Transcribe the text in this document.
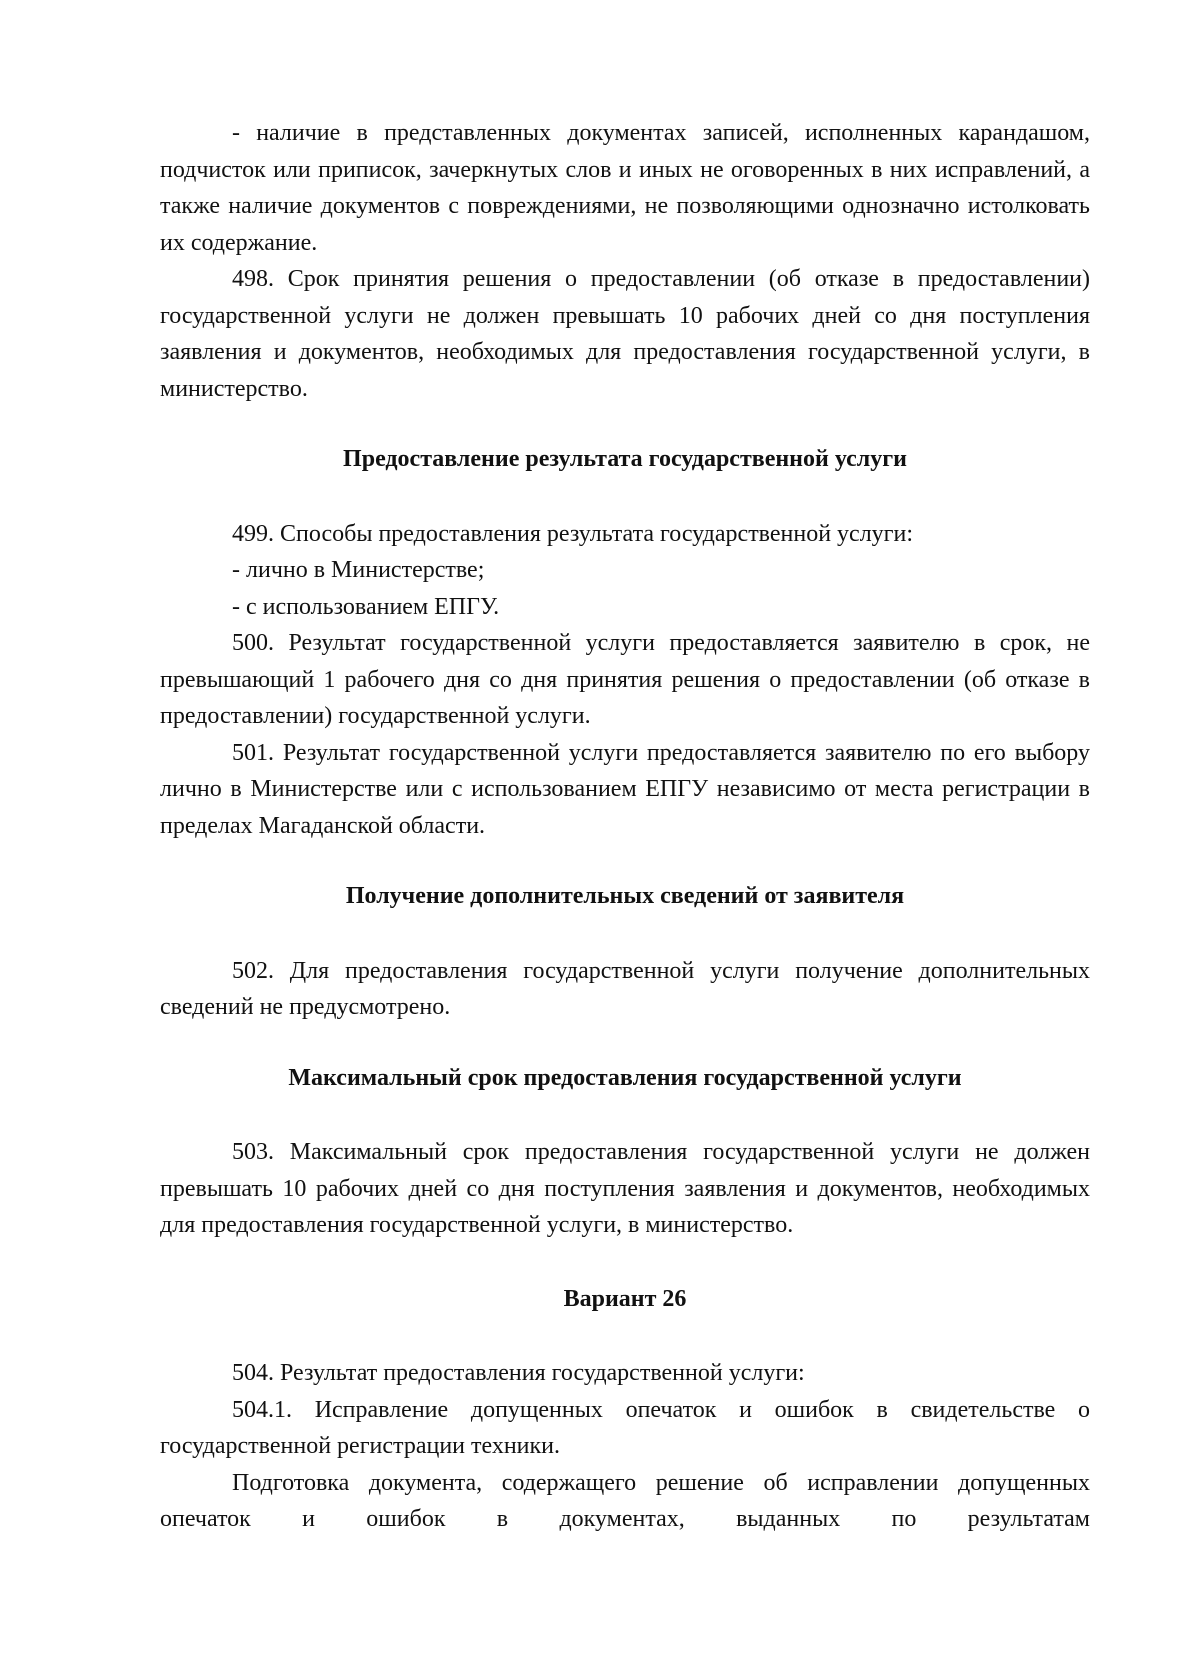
- наличие в представленных документах записей, исполненных карандашом, подчисток или приписок, зачеркнутых слов и иных не оговоренных в них исправлений, а также наличие документов с повреждениями, не позволяющими однозначно истолковать их содержание.

498. Срок принятия решения о предоставлении (об отказе в предоставлении) государственной услуги не должен превышать 10 рабочих дней со дня поступления заявления и документов, необходимых для предоставления государственной услуги, в министерство.

Предоставление результата государственной услуги

499. Способы предоставления результата государственной услуги:

- лично в Министерстве;

- с использованием ЕПГУ.

500. Результат государственной услуги предоставляется заявителю в срок, не превышающий 1 рабочего дня со дня принятия решения о предоставлении (об отказе в предоставлении) государственной услуги.

501. Результат государственной услуги предоставляется заявителю по его выбору лично в Министерстве или с использованием ЕПГУ независимо от места регистрации в пределах Магаданской области.

Получение дополнительных сведений от заявителя

502. Для предоставления государственной услуги получение дополнительных сведений не предусмотрено.

Максимальный срок предоставления государственной услуги

503. Максимальный срок предоставления государственной услуги не должен превышать 10 рабочих дней со дня поступления заявления и документов, необходимых для предоставления государственной услуги, в министерство.

Вариант 26

504. Результат предоставления государственной услуги:

504.1. Исправление допущенных опечаток и ошибок в свидетельстве о государственной регистрации техники.

Подготовка документа, содержащего решение об исправлении допущенных опечаток и ошибок в документах, выданных по результатам
